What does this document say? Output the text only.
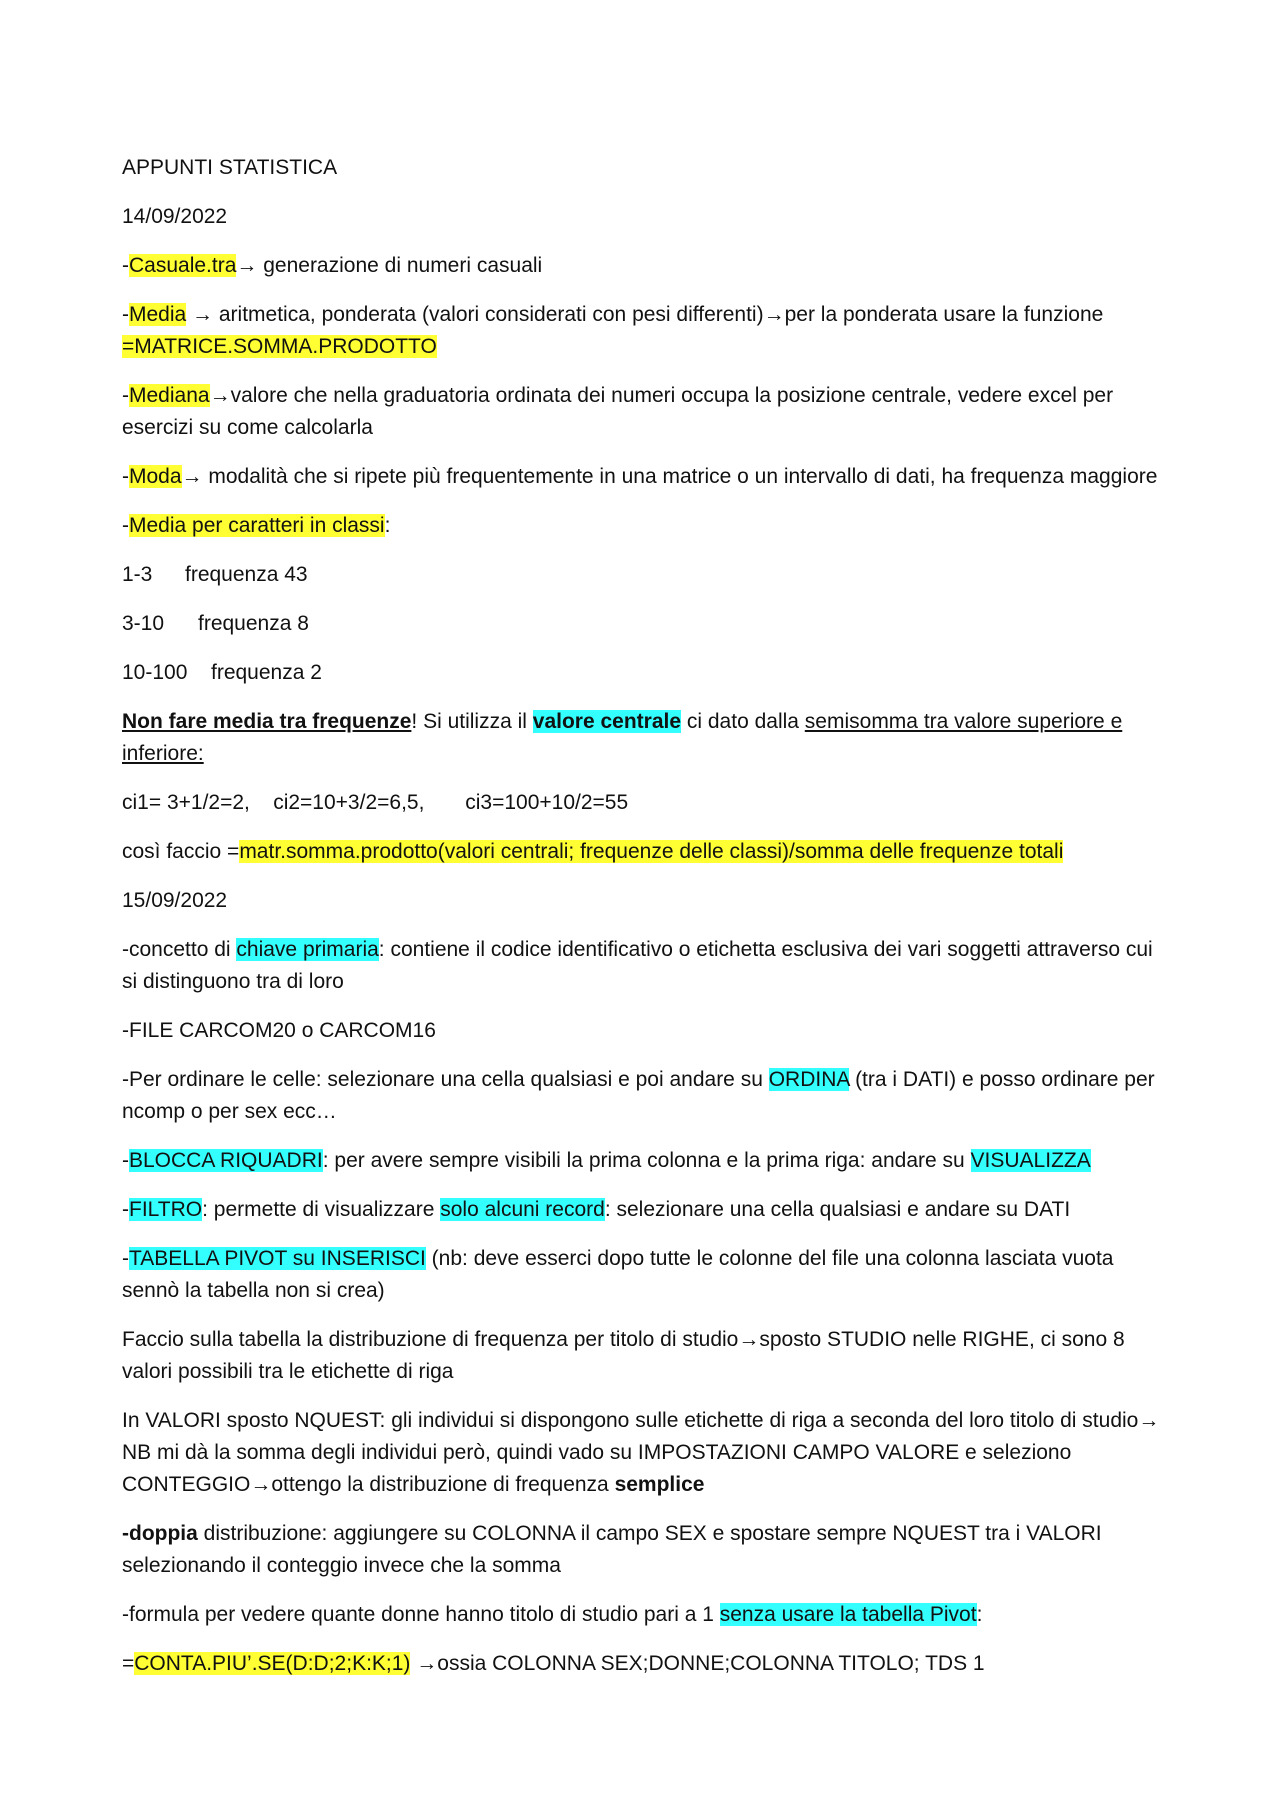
APPUNTI STATISTICA

14/09/2022

-Casuale.tra→ generazione di numeri casuali

-Media → aritmetica, ponderata (valori considerati con pesi differenti)→per la ponderata usare la funzione =MATRICE.SOMMA.PRODOTTO

-Mediana→valore che nella graduatoria ordinata dei numeri occupa la posizione centrale, vedere excel per esercizi su come calcolarla

-Moda→ modalità che si ripete più frequentemente in una matrice o un intervallo di dati, ha frequenza maggiore

-Media per caratteri in classi:

1-3 frequenza 43

3-10 frequenza 8

10-100 frequenza 2

Non fare media tra frequenze! Si utilizza il valore centrale ci dato dalla semisomma tra valore superiore e inferiore:

ci1= 3+1/2=2, ci2=10+3/2=6,5, ci3=100+10/2=55

così faccio =matr.somma.prodotto(valori centrali; frequenze delle classi)/somma delle frequenze totali

15/09/2022

-concetto di chiave primaria: contiene il codice identificativo o etichetta esclusiva dei vari soggetti attraverso cui si distinguono tra di loro

-FILE CARCOM20 o CARCOM16

-Per ordinare le celle: selezionare una cella qualsiasi e poi andare su ORDINA (tra i DATI) e posso ordinare per ncomp o per sex ecc…

-BLOCCA RIQUADRI: per avere sempre visibili la prima colonna e la prima riga: andare su VISUALIZZA

-FILTRO: permette di visualizzare solo alcuni record: selezionare una cella qualsiasi e andare su DATI

-TABELLA PIVOT su INSERISCI (nb: deve esserci dopo tutte le colonne del file una colonna lasciata vuota sennò la tabella non si crea)

Faccio sulla tabella la distribuzione di frequenza per titolo di studio→sposto STUDIO nelle RIGHE, ci sono 8 valori possibili tra le etichette di riga

In VALORI sposto NQUEST: gli individui si dispongono sulle etichette di riga a seconda del loro titolo di studio→ NB mi dà la somma degli individui però, quindi vado su IMPOSTAZIONI CAMPO VALORE e seleziono CONTEGGIO→ottengo la distribuzione di frequenza semplice

-doppia distribuzione: aggiungere su COLONNA il campo SEX e spostare sempre NQUEST tra i VALORI selezionando il conteggio invece che la somma

-formula per vedere quante donne hanno titolo di studio pari a 1 senza usare la tabella Pivot:

=CONTA.PIU’.SE(D:D;2;K:K;1) →ossia COLONNA SEX;DONNE;COLONNA TITOLO; TDS 1
